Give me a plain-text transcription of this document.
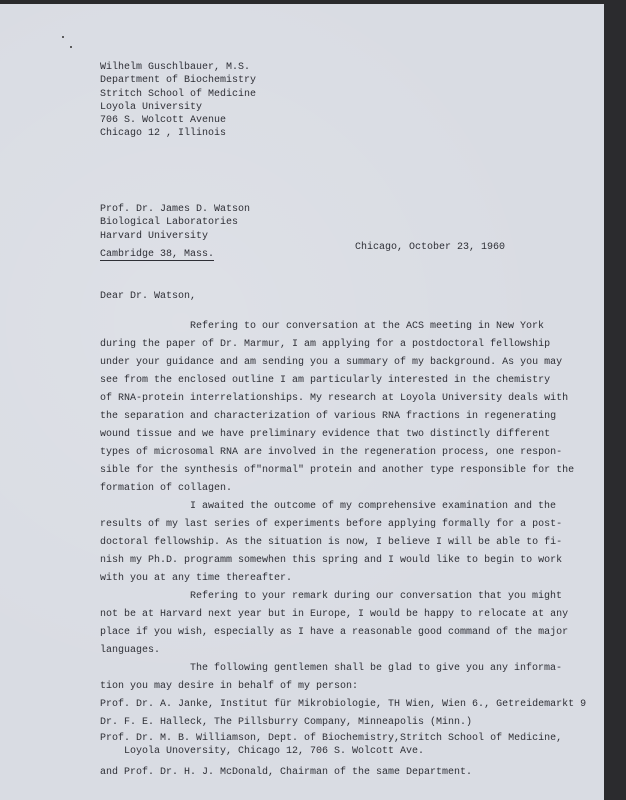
Wilhelm Guschlbauer, M.S.
Department of Biochemistry
Stritch School of Medicine
Loyola University
706 S. Wolcott Avenue
Chicago 12 , Illinois
Prof. Dr. James D. Watson
Biological Laboratories
Harvard University
Cambridge 38, Mass.
Chicago, October 23, 1960
Dear Dr. Watson,
Refering to our conversation at the ACS meeting in New York
during the paper of Dr. Marmur, I am applying for a postdoctoral fellowship
under your guidance and am sending you a summary of my background. As you may
see from the enclosed outline I am particularly interested in the chemistry
of RNA-protein interrelationships. My research at Loyola University deals with
the separation and characterization of various RNA fractions in regenerating
wound tissue and we have preliminary evidence that two distinctly different
types of microsomal RNA are involved in the regeneration process, one respon-
sible for the synthesis of"normal" protein and another type responsible for the
formation of collagen.
I awaited the outcome of my comprehensive examination and the
results of my last series of experiments before applying formally for a post-
doctoral fellowship. As the situation is now, I believe I will be able to fi-
nish my Ph.D. programm somewhen this spring and I would like to begin to work
with you at any time thereafter.
Refering to your remark during our conversation that you might
not be at Harvard next year but in Europe, I would be happy to relocate at any
place if you wish, especially as I have a reasonable good command of the major
languages.
The following gentlemen shall be glad to give you any informa-
tion you may desire in behalf of my person:
Prof. Dr. A. Janke, Institut für Mikrobiologie, TH Wien, Wien 6., Getreidemarkt 9
Dr. F. E. Halleck, The Pillsburry Company, Minneapolis (Minn.)
Prof. Dr. M. B. Williamson, Dept. of Biochemistry,Stritch School of Medicine,
Loyola Unoversity, Chicago 12, 706 S. Wolcott Ave.
and Prof. Dr. H. J. McDonald, Chairman of the same Department.
